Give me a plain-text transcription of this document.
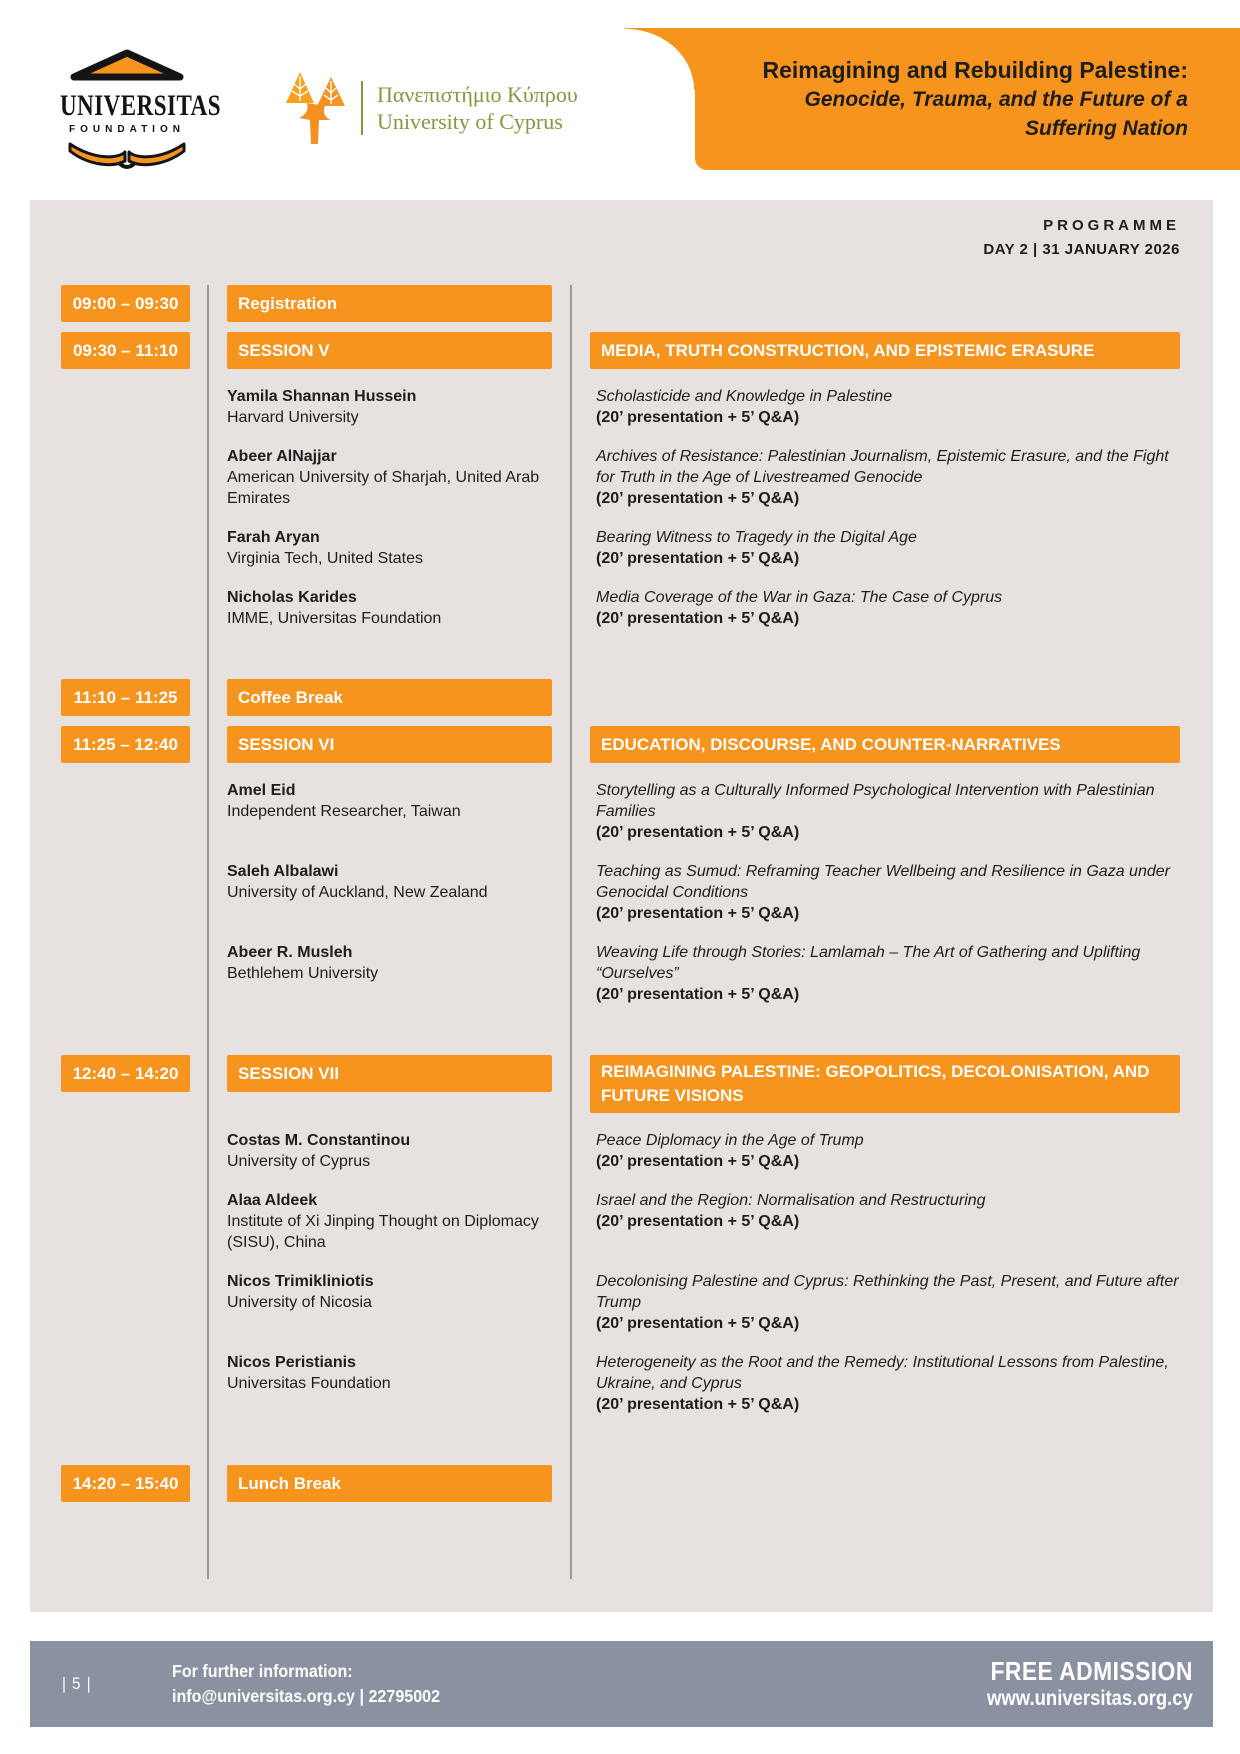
UNIVERSITAS
FOUNDATION
Πανεπιστήμιο Κύπρου
University of Cyprus
Reimagining and Rebuilding Palestine:
Genocide, Trauma, and the Future of a
Suffering Nation
PROGRAMME
DAY 2 | 31 JANUARY 2026
09:00 – 09:30	Registration
09:30 – 11:10	SESSION V	MEDIA, TRUTH CONSTRUCTION, AND EPISTEMIC ERASURE
Yamila Shannan Hussein
Harvard University
Scholasticide and Knowledge in Palestine
(20’ presentation + 5’ Q&A)
Abeer AlNajjar
American University of Sharjah, United Arab Emirates
Archives of Resistance: Palestinian Journalism, Epistemic Erasure, and the Fight for Truth in the Age of Livestreamed Genocide
(20’ presentation + 5’ Q&A)
Farah Aryan
Virginia Tech, United States
Bearing Witness to Tragedy in the Digital Age
(20’ presentation + 5’ Q&A)
Nicholas Karides
IMME, Universitas Foundation
Media Coverage of the War in Gaza: The Case of Cyprus
(20’ presentation + 5’ Q&A)
11:10 – 11:25	Coffee Break
11:25 – 12:40	SESSION VI	EDUCATION, DISCOURSE, AND COUNTER-NARRATIVES
Amel Eid
Independent Researcher, Taiwan
Storytelling as a Culturally Informed Psychological Intervention with Palestinian Families
(20’ presentation + 5’ Q&A)
Saleh Albalawi
University of Auckland, New Zealand
Teaching as Sumud: Reframing Teacher Wellbeing and Resilience in Gaza under Genocidal Conditions
(20’ presentation + 5’ Q&A)
Abeer R. Musleh
Bethlehem University
Weaving Life through Stories: Lamlamah – The Art of Gathering and Uplifting “Ourselves”
(20’ presentation + 5’ Q&A)
12:40 – 14:20	SESSION VII	REIMAGINING PALESTINE: GEOPOLITICS, DECOLONISATION, AND FUTURE VISIONS
Costas M. Constantinou
University of Cyprus
Peace Diplomacy in the Age of Trump
(20’ presentation + 5’ Q&A)
Alaa Aldeek
Institute of Xi Jinping Thought on Diplomacy (SISU), China
Israel and the Region: Normalisation and Restructuring
(20’ presentation + 5’ Q&A)
Nicos Trimikliniotis
University of Nicosia
Decolonising Palestine and Cyprus: Rethinking the Past, Present, and Future after Trump
(20’ presentation + 5’ Q&A)
Nicos Peristianis
Universitas Foundation
Heterogeneity as the Root and the Remedy: Institutional Lessons from Palestine, Ukraine, and Cyprus
(20’ presentation + 5’ Q&A)
14:20 – 15:40	Lunch Break
| 5 |
For further information:
info@universitas.org.cy | 22795002
FREE ADMISSION
www.universitas.org.cy
